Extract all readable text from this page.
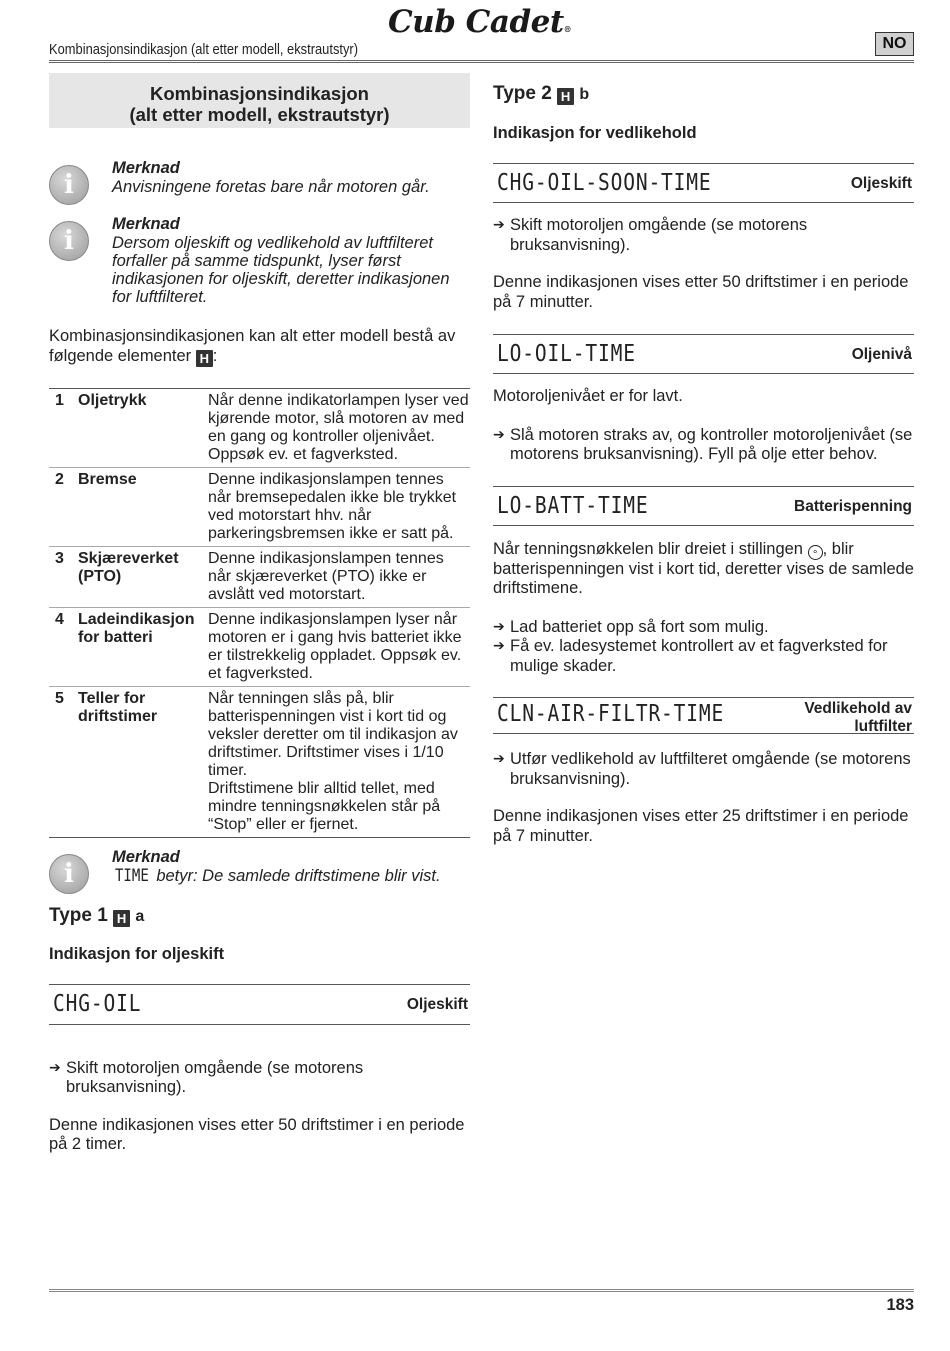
Cub Cadet®
Kombinasjonsindikasjon (alt etter modell, ekstrautstyr)	NO
Kombinasjonsindikasjon
(alt etter modell, ekstrautstyr)
i
Merknad
Anvisningene foretas bare når motoren går.
i
Merknad
Dersom oljeskift og vedlikehold av luftfilteret forfaller på samme tidspunkt, lyser først indikasjonen for oljeskift, deretter indikasjonen for luftfilteret.

Kombinasjonsindikasjonen kan alt etter modell bestå av følgende elementer H :

1	Oljetrykk	Når denne indikatorlampen lyser ved kjørende motor, slå motoren av med en gang og kontroller oljenivået. Oppsøk ev. et fagverksted.
2	Bremse	Denne indikasjonslampen tennes når bremsepedalen ikke ble trykket ved motorstart hhv. når parkeringsbremsen ikke er satt på.
3	Skjæreverket (PTO)	Denne indikasjonslampen tennes når skjæreverket (PTO) ikke er avslått ved motorstart.
4	Ladeindikasjon for batteri	Denne indikasjonslampen lyser når motoren er i gang hvis batteriet ikke er tilstrekkelig oppladet. Oppsøk ev. et fagverksted.
5	Teller for driftstimer	Når tenningen slås på, blir batterispenningen vist i kort tid og veksler deretter om til indikasjon av driftstimer. Driftstimer vises i 1/10 timer.
Driftstimene blir alltid tellet, med mindre tenningsnøkkelen står på “Stop” eller er fjernet.
i
Merknad
TIME betyr: De samlede driftstimene blir vist.
Type 1 H a
Indikasjon for oljeskift
CHG-OIL	Oljeskift
➔ Skift motoroljen omgående (se motorens bruksanvisning).

Denne indikasjonen vises etter 50 driftstimer i en periode på 2 timer.

Type 2 H b
Indikasjon for vedlikehold
CHG-OIL-SOON-TIME	Oljeskift
➔ Skift motoroljen omgående (se motorens bruksanvisning).

Denne indikasjonen vises etter 50 driftstimer i en periode på 7 minutter.

LO-OIL-TIME	Oljenivå

Motoroljenivået er for lavt.

➔ Slå motoren straks av, og kontroller motoroljenivået (se motorens bruksanvisning). Fyll på olje etter behov.
LO-BATT-TIME	Batterispenning

Når tenningsnøkkelen blir dreiet i stillingen ∘ , blir batterispenningen vist i kort tid, deretter vises de samlede driftstimene.

➔ Lad batteriet opp så fort som mulig.
➔ Få ev. ladesystemet kontrollert av et fagverksted for mulige skader.
CLN-AIR-FILTR-TIME	Vedlikehold av
luftfilter
➔ Utfør vedlikehold av luftfilteret omgående (se motorens bruksanvisning).

Denne indikasjonen vises etter 25 driftstimer i en periode på 7 minutter.

183
